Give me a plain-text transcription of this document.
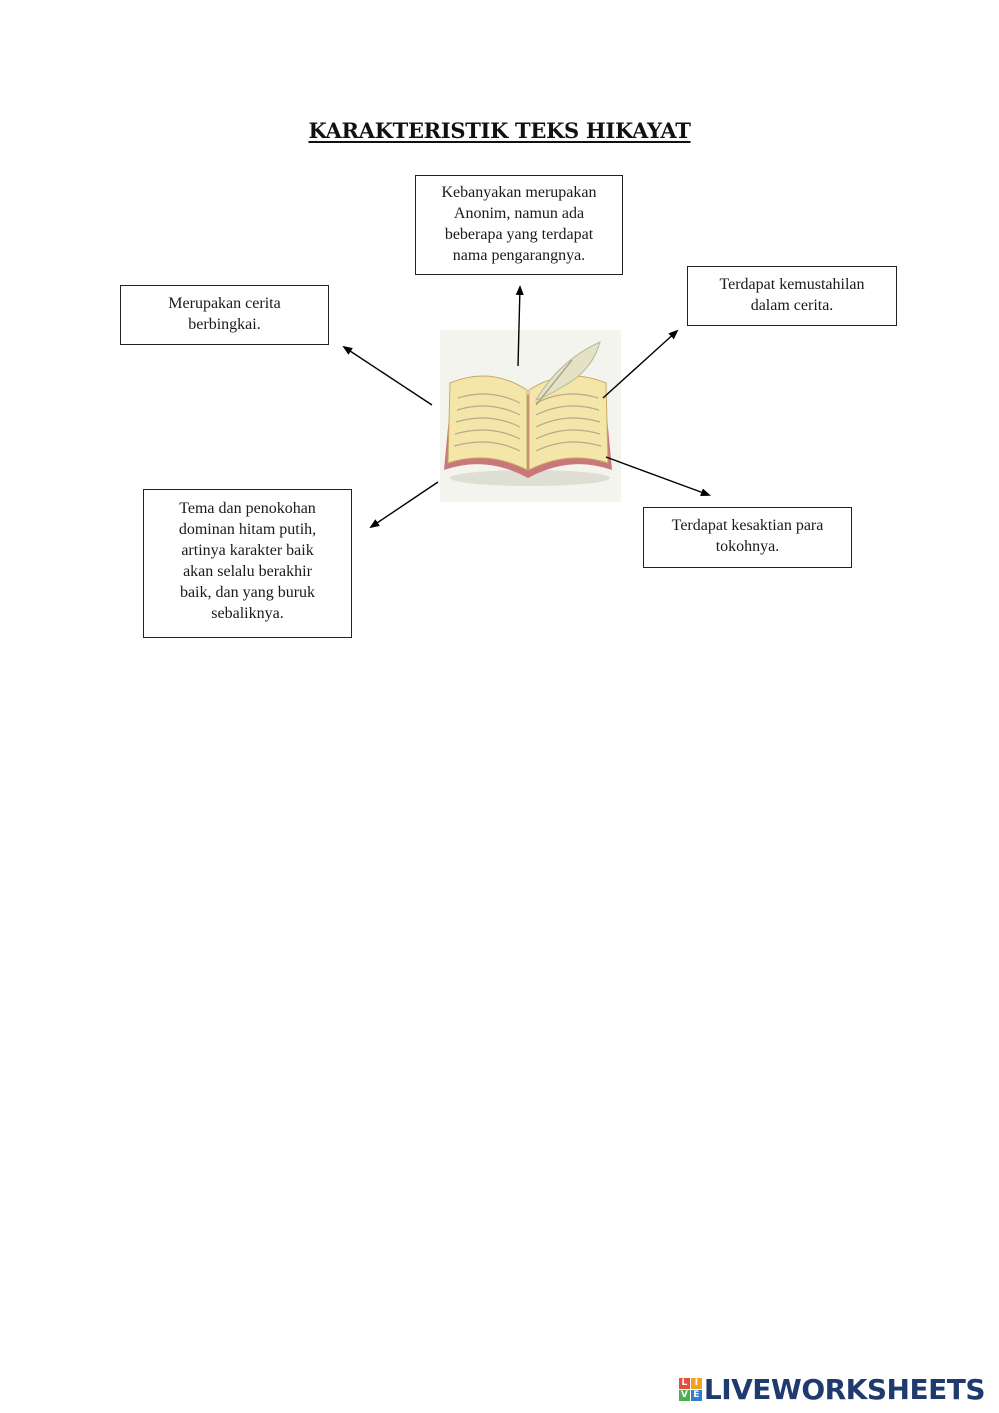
KARAKTERISTIK TEKS HIKAYAT
Kebanyakan merupakan
Anonim, namun ada
beberapa yang terdapat
nama pengarangnya.
Merupakan cerita
berbingkai.
Terdapat kemustahilan
dalam cerita.
Tema dan penokohan
dominan hitam putih,
artinya karakter baik
akan selalu berakhir
baik, dan yang buruk
sebaliknya.
Terdapat kesaktian para
tokohnya.
L I
V E LIVEWORKSHEETS
